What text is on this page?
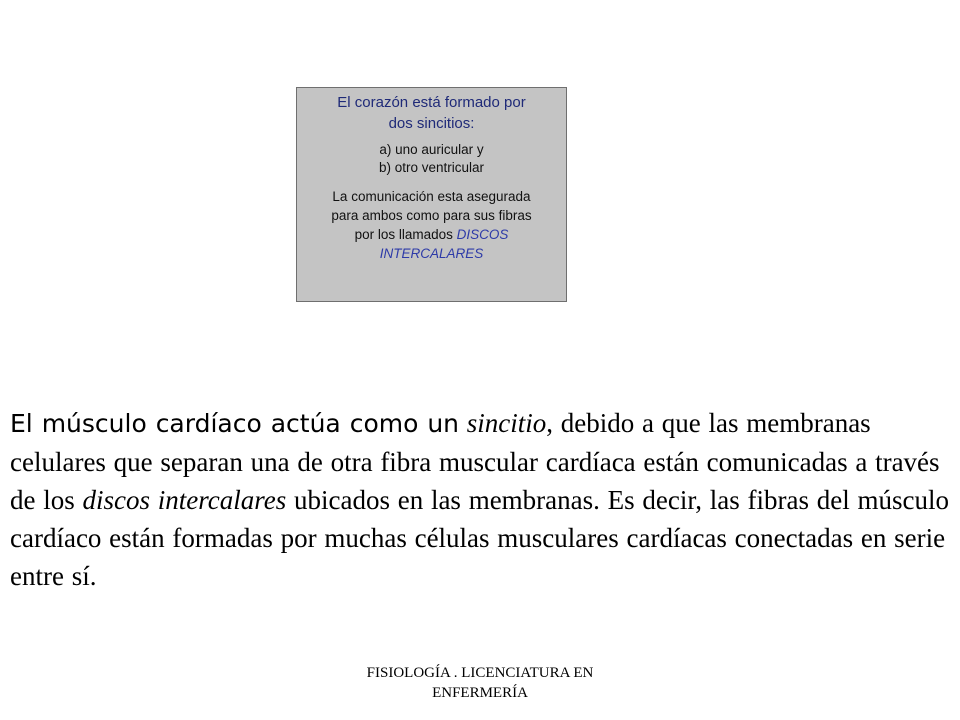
El corazón está formado por
dos sincitios:
a) uno auricular y
b) otro ventricular
La comunicación esta asegurada
para ambos como para sus fibras
por los llamados DISCOS
INTERCALARES
El músculo cardíaco actúa como un sincitio, debido a que las membranas celulares que separan una de otra fibra muscular cardíaca están comunicadas a través de los discos intercalares ubicados en las membranas. Es decir, las fibras del músculo cardíaco están formadas por muchas células musculares cardíacas conectadas en serie entre sí.
FISIOLOGÍA . LICENCIATURA EN
ENFERMERÍA
